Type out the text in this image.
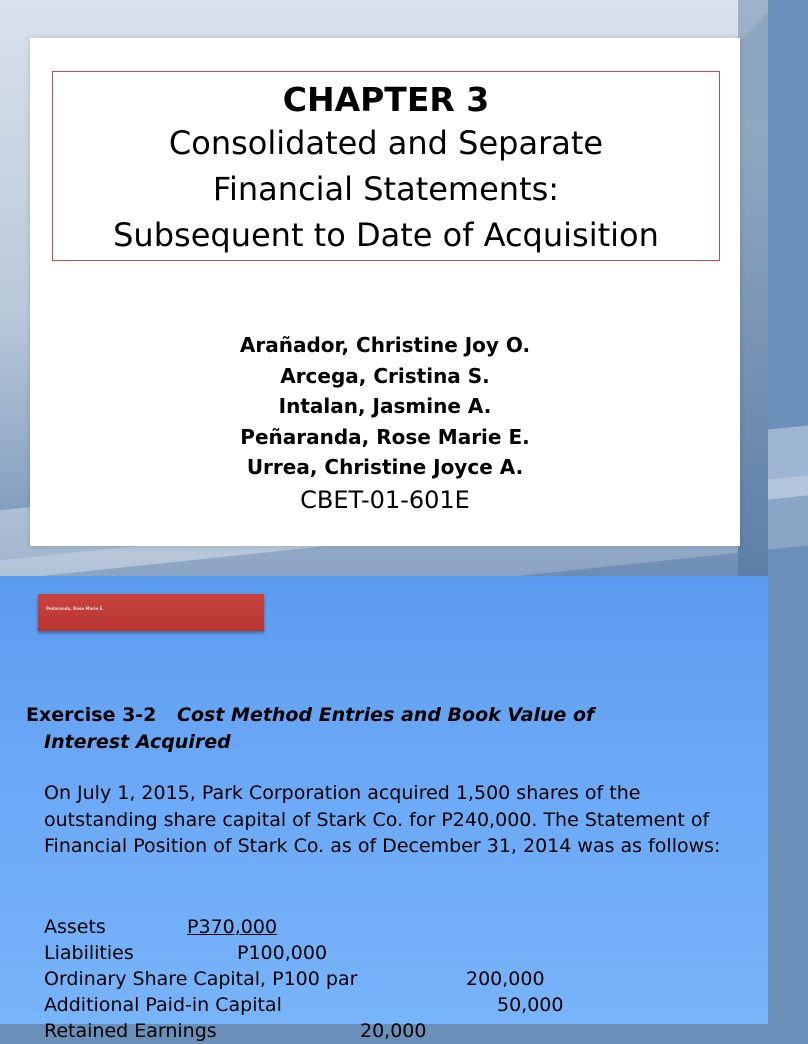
CHAPTER 3
Consolidated and Separate
Financial Statements:
Subsequent to Date of Acquisition
Arañador, Christine Joy O.
Arcega, Cristina S.
Intalan, Jasmine A.
Peñaranda, Rose Marie E.
Urrea, Christine Joyce A.
CBET-01-601E
Peñaranda, Rose Marie E.
Exercise 3-2 Cost Method Entries and Book Value of
Interest Acquired
On July 1, 2015, Park Corporation acquired 1,500 shares of the outstanding share capital of Stark Co. for P240,000. The Statement of Financial Position of Stark Co. as of December 31, 2014 was as follows:
Assets	P370,000
Liabilities	P100,000
Ordinary Share Capital, P100 par	200,000
Additional Paid-in Capital	50,000
Retained Earnings	20,000
